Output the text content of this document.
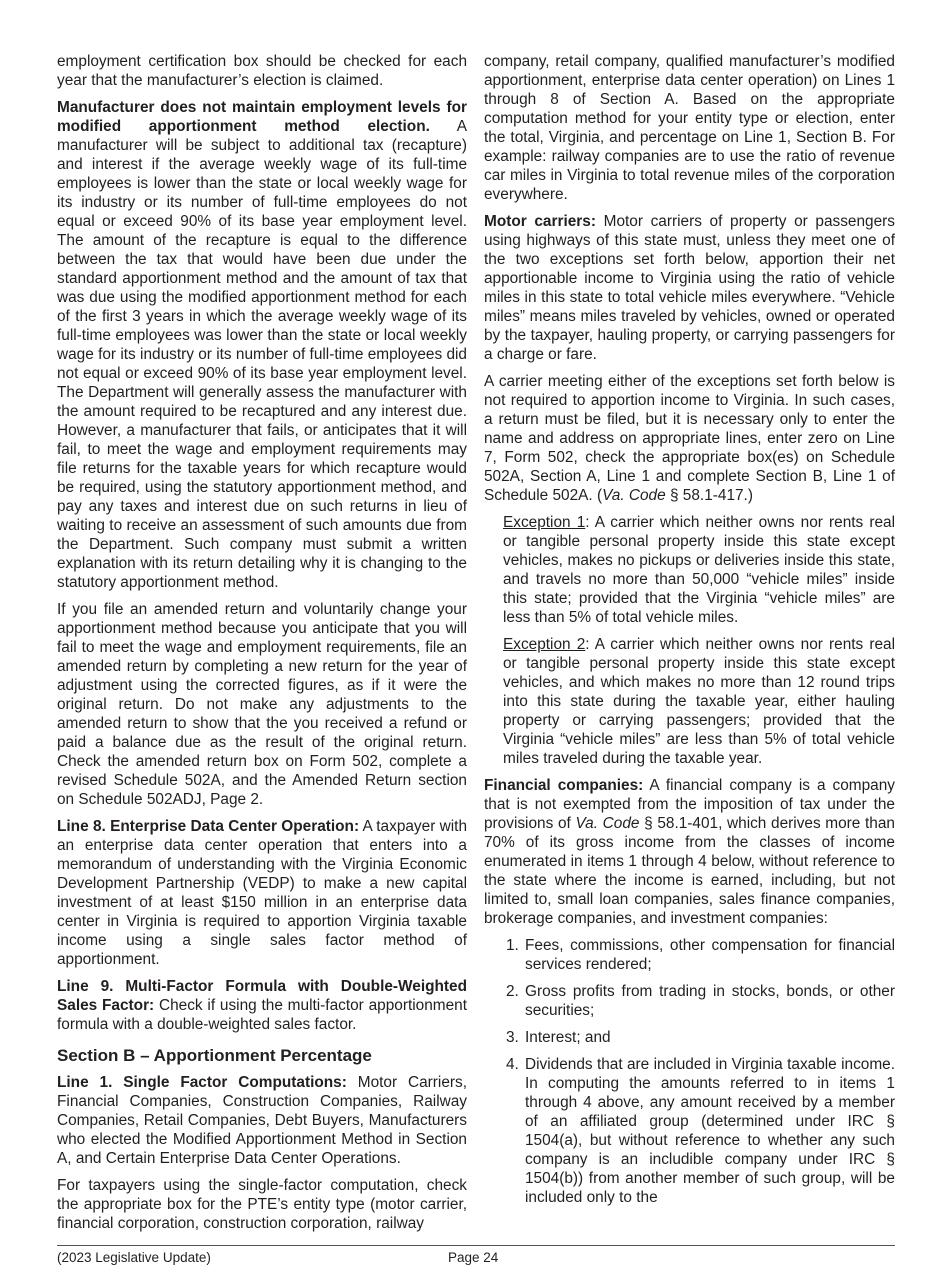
employment certification box should be checked for each year that the manufacturer’s election is claimed.

Manufacturer does not maintain employment levels for modified apportionment method election. A manufacturer will be subject to additional tax (recapture) and interest if the average weekly wage of its full-time employees is lower than the state or local weekly wage for its industry or its number of full-time employees do not equal or exceed 90% of its base year employment level. The amount of the recapture is equal to the difference between the tax that would have been due under the standard apportionment method and the amount of tax that was due using the modified apportionment method for each of the first 3 years in which the average weekly wage of its full-time employees was lower than the state or local weekly wage for its industry or its number of full-time employees did not equal or exceed 90% of its base year employment level. The Department will generally assess the manufacturer with the amount required to be recaptured and any interest due. However, a manufacturer that fails, or anticipates that it will fail, to meet the wage and employment requirements may file returns for the taxable years for which recapture would be required, using the statutory apportionment method, and pay any taxes and interest due on such returns in lieu of waiting to receive an assessment of such amounts due from the Department. Such company must submit a written explanation with its return detailing why it is changing to the statutory apportionment method.

If you file an amended return and voluntarily change your apportionment method because you anticipate that you will fail to meet the wage and employment requirements, file an amended return by completing a new return for the year of adjustment using the corrected figures, as if it were the original return. Do not make any adjustments to the amended return to show that the you received a refund or paid a balance due as the result of the original return. Check the amended return box on Form 502, complete a revised Schedule 502A, and the Amended Return section on Schedule 502ADJ, Page 2.

Line 8. Enterprise Data Center Operation: A taxpayer with an enterprise data center operation that enters into a memorandum of understanding with the Virginia Economic Development Partnership (VEDP) to make a new capital investment of at least $150 million in an enterprise data center in Virginia is required to apportion Virginia taxable income using a single sales factor method of apportionment.

Line 9. Multi-Factor Formula with Double-Weighted Sales Factor: Check if using the multi-factor apportionment formula with a double-weighted sales factor.

Section B – Apportionment Percentage

Line 1. Single Factor Computations: Motor Carriers, Financial Companies, Construction Companies, Railway Companies, Retail Companies, Debt Buyers, Manufacturers who elected the Modified Apportionment Method in Section A, and Certain Enterprise Data Center Operations.

For taxpayers using the single-factor computation, check the appropriate box for the PTE’s entity type (motor carrier, financial corporation, construction corporation, railway

company, retail company, qualified manufacturer’s modified apportionment, enterprise data center operation) on Lines 1 through 8 of Section A. Based on the appropriate computation method for your entity type or election, enter the total, Virginia, and percentage on Line 1, Section B. For example: railway companies are to use the ratio of revenue car miles in Virginia to total revenue miles of the corporation everywhere.

Motor carriers: Motor carriers of property or passengers using highways of this state must, unless they meet one of the two exceptions set forth below, apportion their net apportionable income to Virginia using the ratio of vehicle miles in this state to total vehicle miles everywhere. “Vehicle miles” means miles traveled by vehicles, owned or operated by the taxpayer, hauling property, or carrying passengers for a charge or fare.

A carrier meeting either of the exceptions set forth below is not required to apportion income to Virginia. In such cases, a return must be filed, but it is necessary only to enter the name and address on appropriate lines, enter zero on Line 7, Form 502, check the appropriate box(es) on Schedule 502A, Section A, Line 1 and complete Section B, Line 1 of Schedule 502A. (Va. Code § 58.1-417.)

Exception 1: A carrier which neither owns nor rents real or tangible personal property inside this state except vehicles, makes no pickups or deliveries inside this state, and travels no more than 50,000 “vehicle miles” inside this state; provided that the Virginia “vehicle miles” are less than 5% of total vehicle miles.

Exception 2: A carrier which neither owns nor rents real or tangible personal property inside this state except vehicles, and which makes no more than 12 round trips into this state during the taxable year, either hauling property or carrying passengers; provided that the Virginia “vehicle miles” are less than 5% of total vehicle miles traveled during the taxable year.

Financial companies: A financial company is a company that is not exempted from the imposition of tax under the provisions of Va. Code § 58.1-401, which derives more than 70% of its gross income from the classes of income enumerated in items 1 through 4 below, without reference to the state where the income is earned, including, but not limited to, small loan companies, sales finance companies, brokerage companies, and investment companies:

1. Fees, commissions, other compensation for financial services rendered;
2. Gross profits from trading in stocks, bonds, or other securities;
3. Interest; and
4. Dividends that are included in Virginia taxable income. In computing the amounts referred to in items 1 through 4 above, any amount received by a member of an affiliated group (determined under IRC § 1504(a), but without reference to whether any such company is an includible company under IRC § 1504(b)) from another member of such group, will be included only to the
(2023 Legislative Update)	Page 24
